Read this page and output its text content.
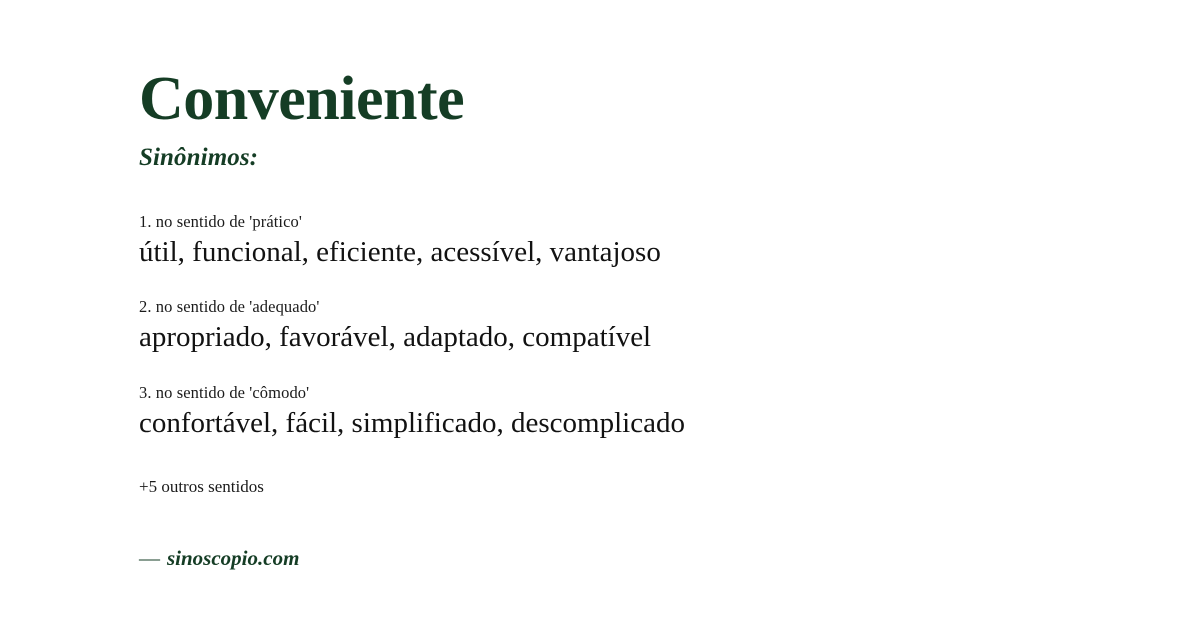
Conveniente
Sinônimos:
1. no sentido de 'prático'
útil, funcional, eficiente, acessível, vantajoso
2. no sentido de 'adequado'
apropriado, favorável, adaptado, compatível
3. no sentido de 'cômodo'
confortável, fácil, simplificado, descomplicado
+5 outros sentidos
— sinoscopio.com
